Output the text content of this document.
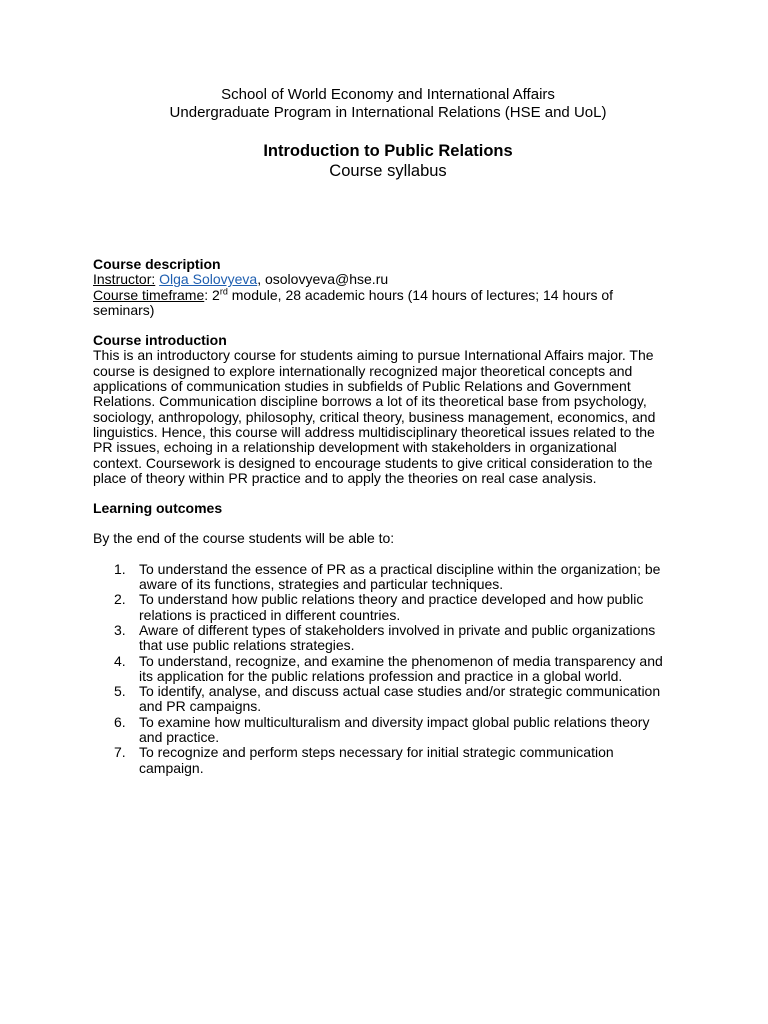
School of World Economy and International Affairs
Undergraduate Program in International Relations (HSE and UoL)
Introduction to Public Relations
Course syllabus
Course description
Instructor: Olga Solovyeva, osolovyeva@hse.ru
Course timeframe: 2rd module, 28 academic hours (14 hours of lectures; 14 hours of
seminars)
Course introduction
This is an introductory course for students aiming to pursue International Affairs major. The
course is designed to explore internationally recognized major theoretical concepts and
applications of communication studies in subfields of Public Relations and Government
Relations. Communication discipline borrows a lot of its theoretical base from psychology,
sociology, anthropology, philosophy, critical theory, business management, economics, and
linguistics. Hence, this course will address multidisciplinary theoretical issues related to the
PR issues, echoing in a relationship development with stakeholders in organizational
context. Coursework is designed to encourage students to give critical consideration to the
place of theory within PR practice and to apply the theories on real case analysis.
Learning outcomes
By the end of the course students will be able to:
1. To understand the essence of PR as a practical discipline within the organization; be
aware of its functions, strategies and particular techniques.
2. To understand how public relations theory and practice developed and how public
relations is practiced in different countries.
3. Aware of different types of stakeholders involved in private and public organizations
that use public relations strategies.
4. To understand, recognize, and examine the phenomenon of media transparency and
its application for the public relations profession and practice in a global world.
5. To identify, analyse, and discuss actual case studies and/or strategic communication
and PR campaigns.
6. To examine how multiculturalism and diversity impact global public relations theory
and practice.
7. To recognize and perform steps necessary for initial strategic communication
campaign.
